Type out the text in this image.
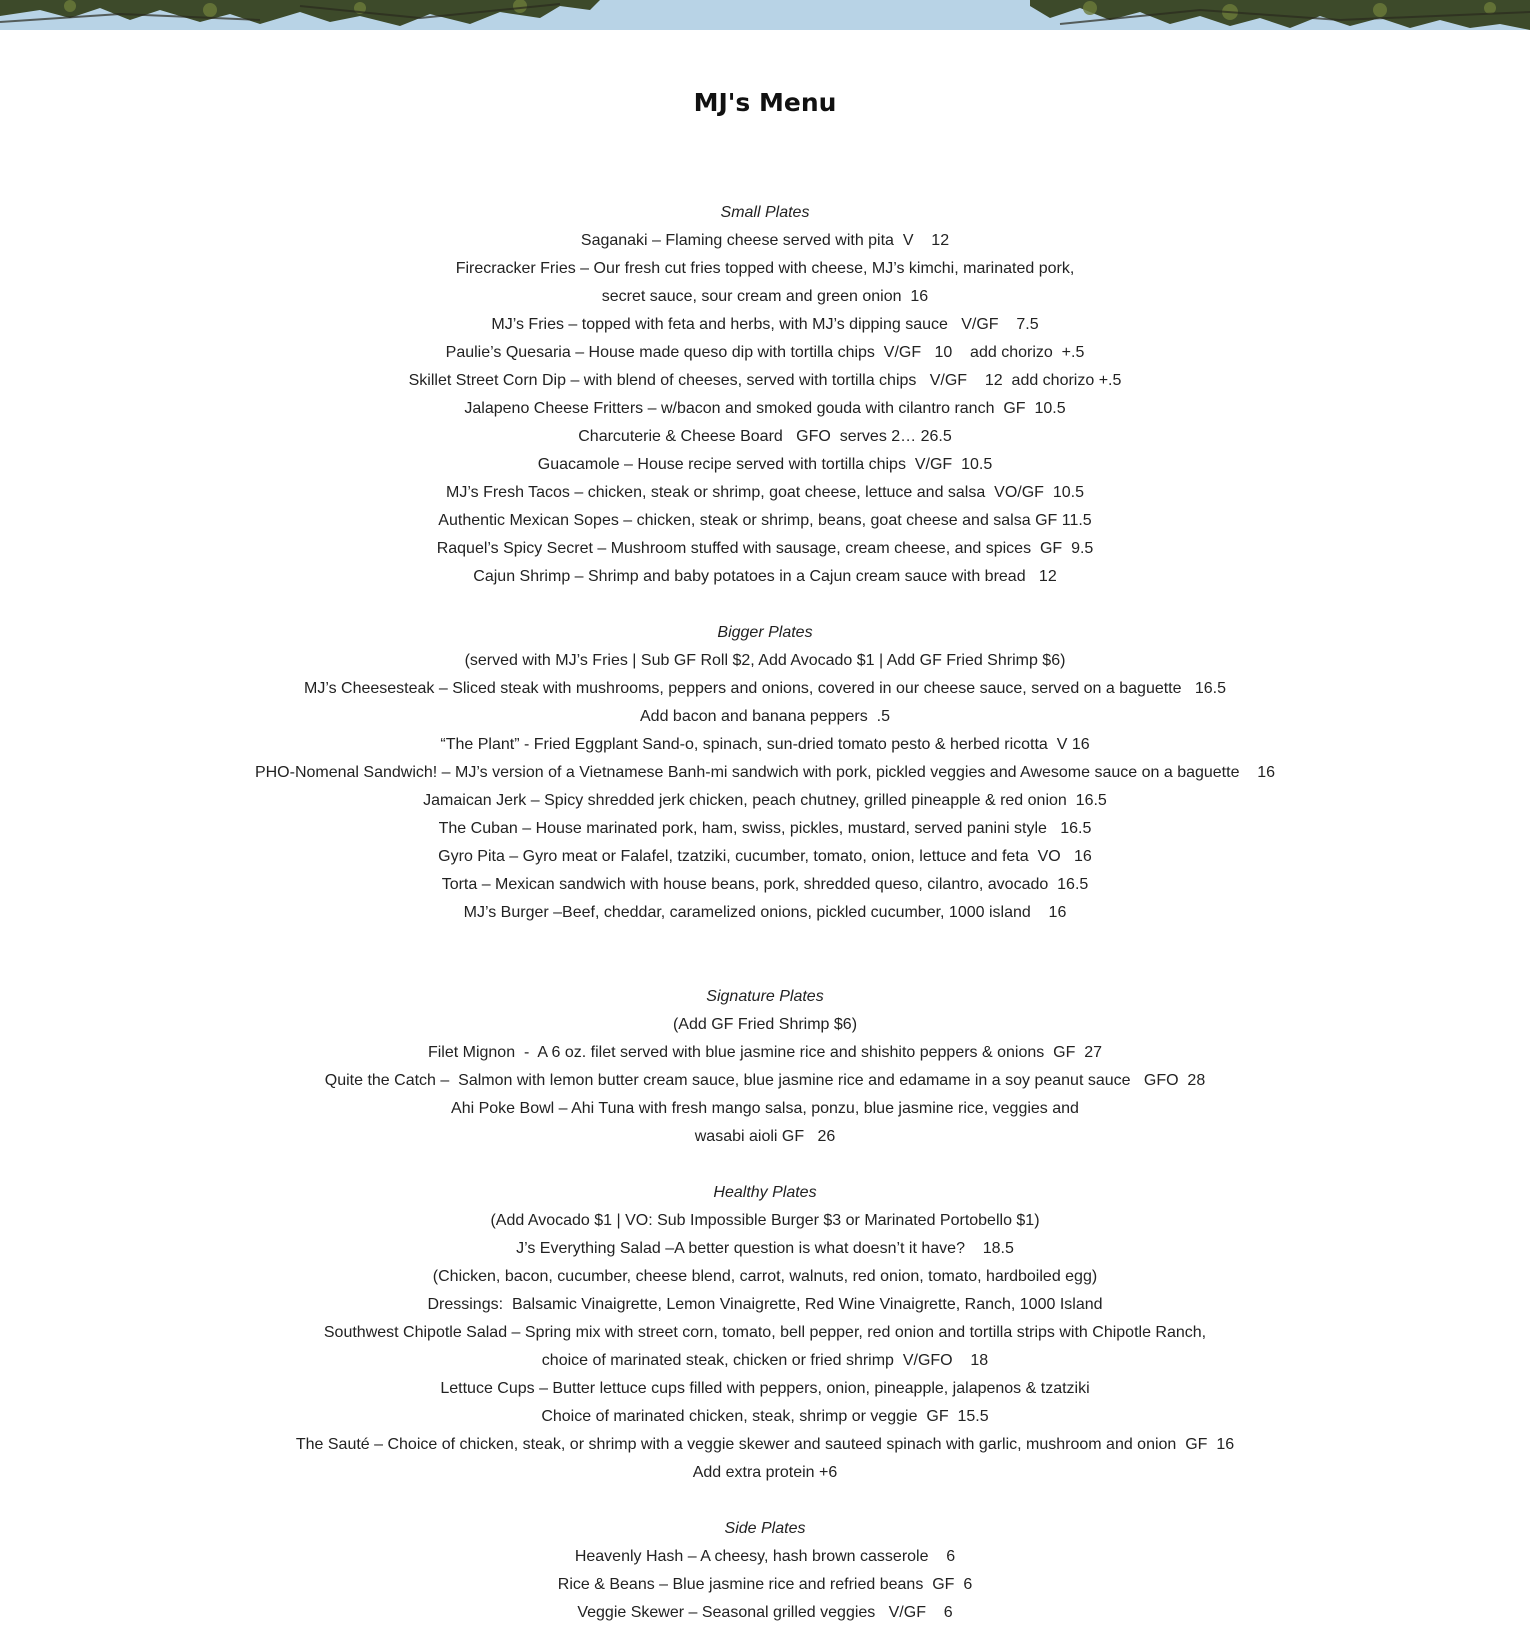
MJ's Menu
Small Plates
Saganaki – Flaming cheese served with pita  V    12
Firecracker Fries – Our fresh cut fries topped with cheese, MJ’s kimchi, marinated pork,
secret sauce, sour cream and green onion  16
MJ’s Fries – topped with feta and herbs, with MJ’s dipping sauce   V/GF    7.5
Paulie’s Quesaria – House made queso dip with tortilla chips  V/GF   10    add chorizo  +.5
Skillet Street Corn Dip – with blend of cheeses, served with tortilla chips   V/GF    12  add chorizo +.5
Jalapeno Cheese Fritters – w/bacon and smoked gouda with cilantro ranch  GF  10.5
Charcuterie & Cheese Board   GFO  serves 2… 26.5
Guacamole – House recipe served with tortilla chips  V/GF  10.5
MJ’s Fresh Tacos – chicken, steak or shrimp, goat cheese, lettuce and salsa  VO/GF  10.5
Authentic Mexican Sopes – chicken, steak or shrimp, beans, goat cheese and salsa GF 11.5
Raquel’s Spicy Secret – Mushroom stuffed with sausage, cream cheese, and spices  GF  9.5
Cajun Shrimp – Shrimp and baby potatoes in a Cajun cream sauce with bread   12
Bigger Plates
(served with MJ’s Fries | Sub GF Roll $2, Add Avocado $1 | Add GF Fried Shrimp $6)
MJ’s Cheesesteak – Sliced steak with mushrooms, peppers and onions, covered in our cheese sauce, served on a baguette   16.5
Add bacon and banana peppers  .5
“The Plant” - Fried Eggplant Sand-o, spinach, sun-dried tomato pesto & herbed ricotta  V 16
PHO-Nomenal Sandwich! – MJ’s version of a Vietnamese Banh-mi sandwich with pork, pickled veggies and Awesome sauce on a baguette    16
Jamaican Jerk – Spicy shredded jerk chicken, peach chutney, grilled pineapple & red onion  16.5
The Cuban – House marinated pork, ham, swiss, pickles, mustard, served panini style   16.5
Gyro Pita – Gyro meat or Falafel, tzatziki, cucumber, tomato, onion, lettuce and feta  VO   16
Torta – Mexican sandwich with house beans, pork, shredded queso, cilantro, avocado  16.5
MJ’s Burger –Beef, cheddar, caramelized onions, pickled cucumber, 1000 island    16
Signature Plates
(Add GF Fried Shrimp $6)
Filet Mignon  -  A 6 oz. filet served with blue jasmine rice and shishito peppers & onions  GF  27
Quite the Catch –  Salmon with lemon butter cream sauce, blue jasmine rice and edamame in a soy peanut sauce   GFO  28
Ahi Poke Bowl – Ahi Tuna with fresh mango salsa, ponzu, blue jasmine rice, veggies and
wasabi aioli GF   26
Healthy Plates
(Add Avocado $1 | VO: Sub Impossible Burger $3 or Marinated Portobello $1)
J’s Everything Salad –A better question is what doesn’t it have?    18.5
(Chicken, bacon, cucumber, cheese blend, carrot, walnuts, red onion, tomato, hardboiled egg)
Dressings:  Balsamic Vinaigrette, Lemon Vinaigrette, Red Wine Vinaigrette, Ranch, 1000 Island
Southwest Chipotle Salad – Spring mix with street corn, tomato, bell pepper, red onion and tortilla strips with Chipotle Ranch,
choice of marinated steak, chicken or fried shrimp  V/GFO    18
Lettuce Cups – Butter lettuce cups filled with peppers, onion, pineapple, jalapenos & tzatziki
Choice of marinated chicken, steak, shrimp or veggie  GF  15.5
The Sauté – Choice of chicken, steak, or shrimp with a veggie skewer and sauteed spinach with garlic, mushroom and onion  GF  16
Add extra protein +6
Side Plates
Heavenly Hash – A cheesy, hash brown casserole    6
Rice & Beans – Blue jasmine rice and refried beans  GF  6
Veggie Skewer – Seasonal grilled veggies   V/GF    6
